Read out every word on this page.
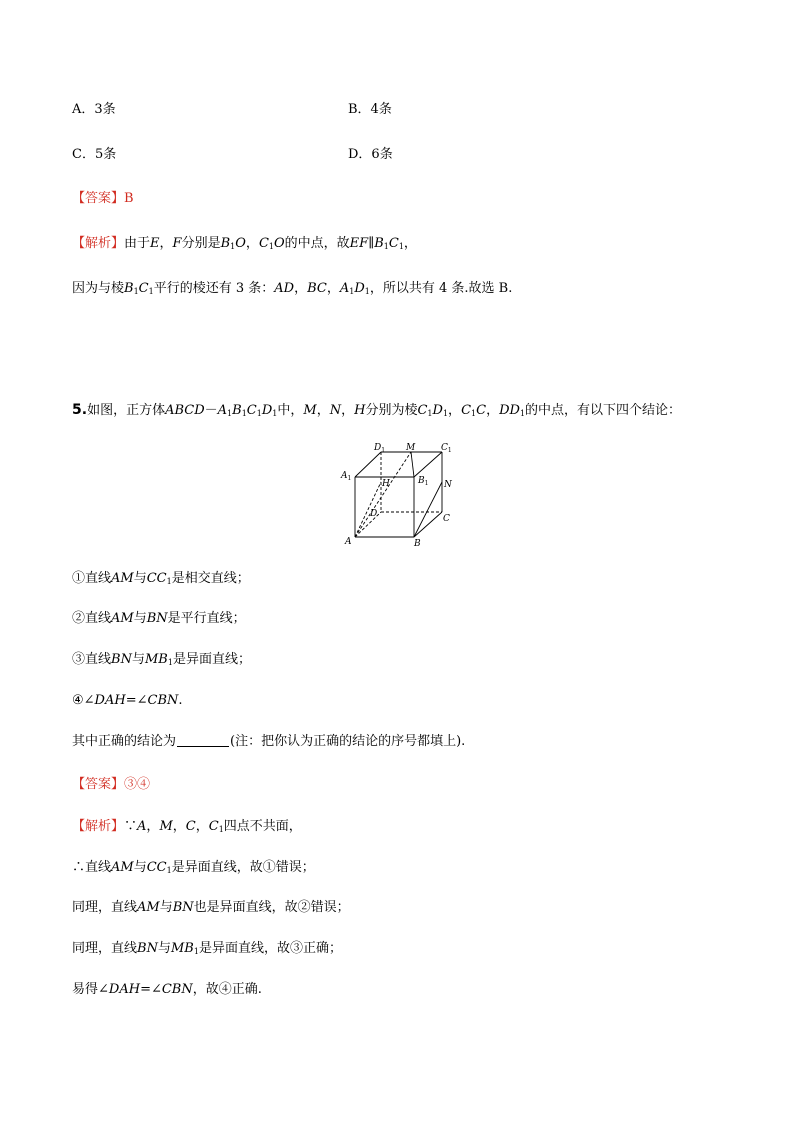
A．3条	B．4条
C．5条	D．6条
【答案】B
【解析】由于E，F分别是$B_1O$，$C_1O$的中点，故$EF\parallel B_1C_1$，
因为与棱$B_1C_1$平行的棱还有 3 条：AD，BC，$A_1D_1$，所以共有 4 条.故选 B.
5.如图，正方体$ABCD-A_1B_1C_1D_1$中，M，N，H分别为棱$C_1D_1$，$C_1C$，$DD_1$的中点，有以下四个结论：
$D_1$ M	$C_1$
$A_1$
H	$B_1$ N
D	C
A	B
①直线AM与$CC_1$是相交直线；
②直线AM与BN是平行直线；
③直线BN与$MB_1$是异面直线；
④∠DAH=∠CBN.
其中正确的结论为	(注：把你认为正确的结论的序号都填上).
【答案】③④
【解析】∵A，M，C，$C_1$四点不共面，
∴直线AM与$CC_1$是异面直线，故①错误；
同理，直线AM与BN也是异面直线，故②错误；
同理，直线BN与$MB_1$是异面直线，故③正确；
易得∠DAH=∠CBN，故④正确.
